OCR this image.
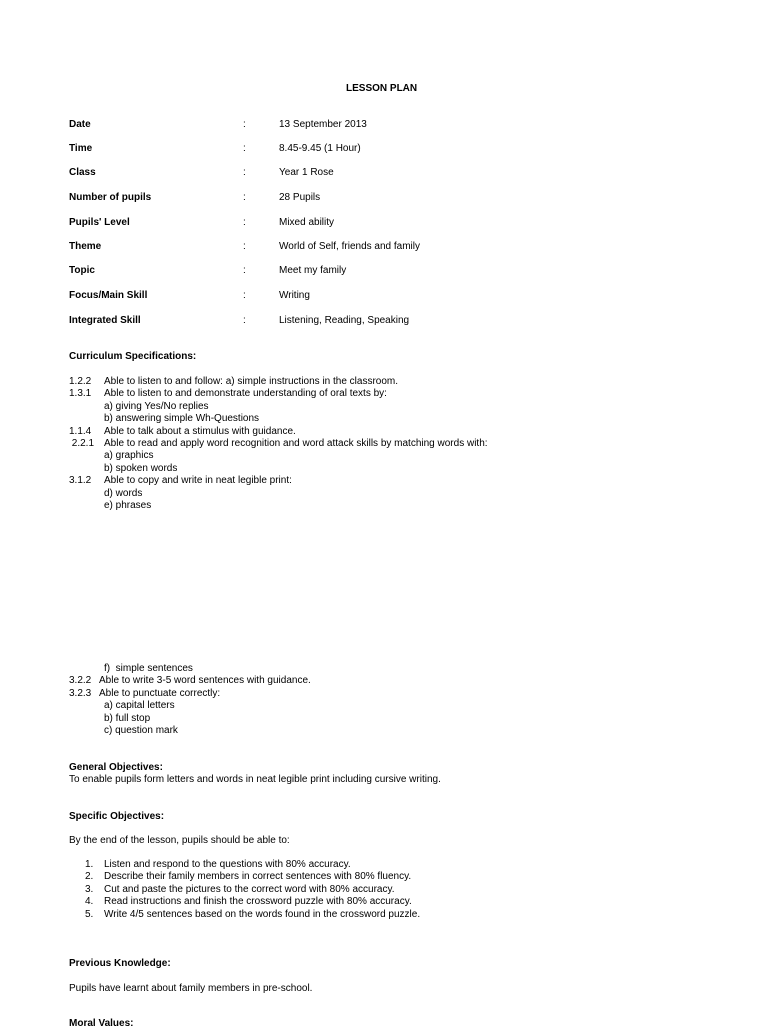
LESSON PLAN
Date	:	13 September 2013
Time	:	8.45-9.45 (1 Hour)
Class	:	Year 1 Rose
Number of pupils	:	28 Pupils
Pupils' Level	:	Mixed ability
Theme	:	World of Self, friends and family
Topic	:	Meet my family
Focus/Main Skill	:	Writing
Integrated Skill	:	Listening, Reading, Speaking
Curriculum Specifications:
1.2.2 Able to listen to and follow: a) simple instructions in the classroom.
1.3.1 Able to listen to and demonstrate understanding of oral texts by:
a) giving Yes/No replies
b) answering simple Wh-Questions
1.1.4 Able to talk about a stimulus with guidance.
2.2.1 Able to read and apply word recognition and word attack skills by matching words with:
a) graphics
b) spoken words
3.1.2 Able to copy and write in neat legible print:
d) words
e) phrases
f)  simple sentences
3.2.2 Able to write 3-5 word sentences with guidance.
3.2.3 Able to punctuate correctly:
a) capital letters
b) full stop
c) question mark
General Objectives:
To enable pupils form letters and words in neat legible print including cursive writing.
Specific Objectives:
By the end of the lesson, pupils should be able to:
1. Listen and respond to the questions with 80% accuracy.
2. Describe their family members in correct sentences with 80% fluency.
3. Cut and paste the pictures to the correct word with 80% accuracy.
4. Read instructions and finish the crossword puzzle with 80% accuracy.
5. Write 4/5 sentences based on the words found in the crossword puzzle.
Previous Knowledge:
Pupils have learnt about family members in pre-school.
Moral Values:
